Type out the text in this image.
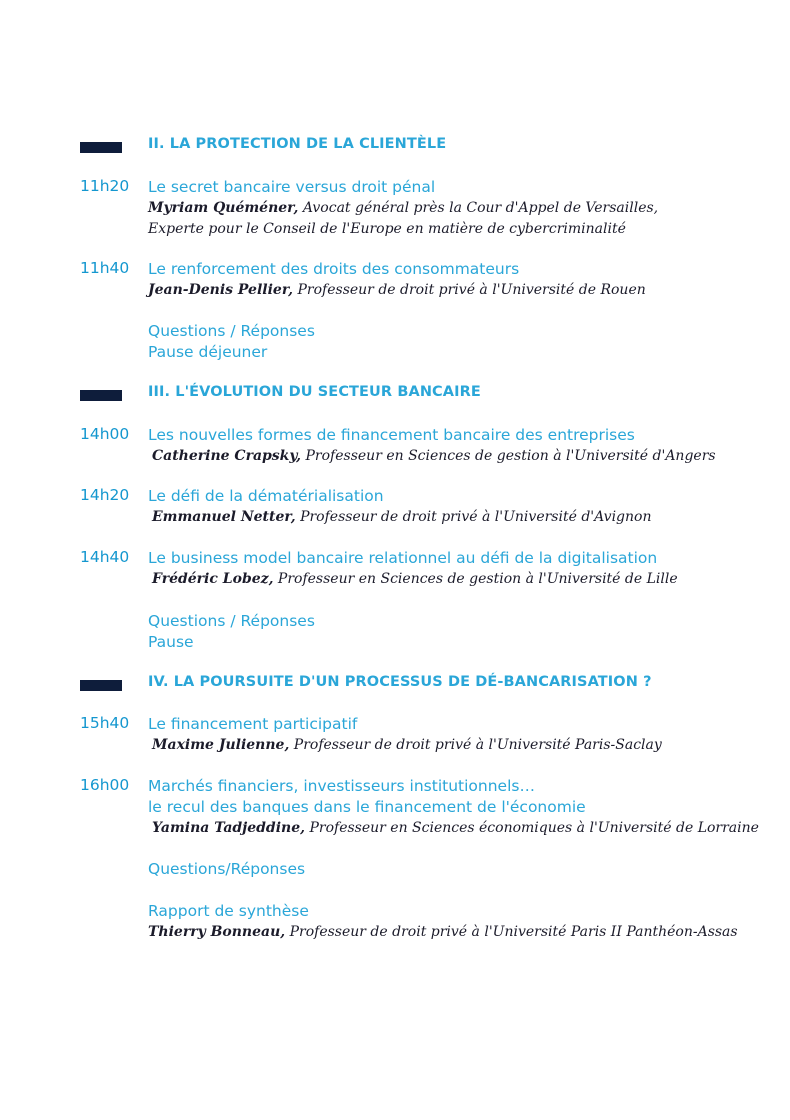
II. LA PROTECTION DE LA CLIENTÈLE
11h20 Le secret bancaire versus droit pénal
Myriam Quéméner, Avocat général près la Cour d'Appel de Versailles,
Experte pour le Conseil de l'Europe en matière de cybercriminalité
11h40 Le renforcement des droits des consommateurs
Jean-Denis Pellier, Professeur de droit privé à l'Université de Rouen
Questions / Réponses
Pause déjeuner
III. L'ÉVOLUTION DU SECTEUR BANCAIRE
14h00 Les nouvelles formes de financement bancaire des entreprises
Catherine Crapsky, Professeur en Sciences de gestion à l'Université d'Angers
14h20 Le défi de la dématérialisation
Emmanuel Netter, Professeur de droit privé à l'Université d'Avignon
14h40 Le business model bancaire relationnel au défi de la digitalisation
Frédéric Lobez, Professeur en Sciences de gestion à l'Université de Lille
Questions / Réponses
Pause
IV. LA POURSUITE D'UN PROCESSUS DE DÉ-BANCARISATION ?
15h40 Le financement participatif
Maxime Julienne, Professeur de droit privé à l'Université Paris-Saclay
16h00 Marchés financiers, investisseurs institutionnels…
le recul des banques dans le financement de l'économie
Yamina Tadjeddine, Professeur en Sciences économiques à l'Université de Lorraine
Questions/Réponses
Rapport de synthèse
Thierry Bonneau, Professeur de droit privé à l'Université Paris II Panthéon-Assas
